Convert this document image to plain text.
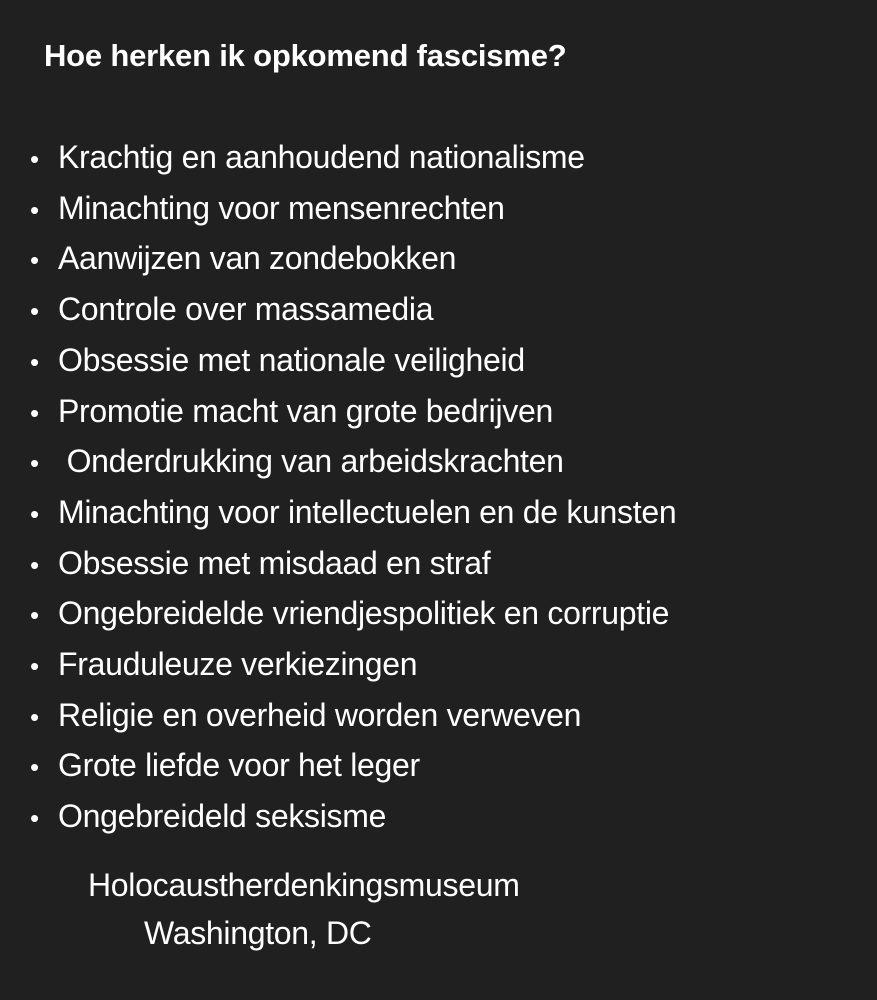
Hoe herken ik opkomend fascisme?
• Krachtig en aanhoudend nationalisme
• Minachting voor mensenrechten
• Aanwijzen van zondebokken
• Controle over massamedia
• Obsessie met nationale veiligheid
• Promotie macht van grote bedrijven
• Onderdrukking van arbeidskrachten
• Minachting voor intellectuelen en de kunsten
• Obsessie met misdaad en straf
• Ongebreidelde vriendjespolitiek en corruptie
• Frauduleuze verkiezingen
• Religie en overheid worden verweven
• Grote liefde voor het leger
• Ongebreideld seksisme
Holocaustherdenkingsmuseum
Washington, DC
